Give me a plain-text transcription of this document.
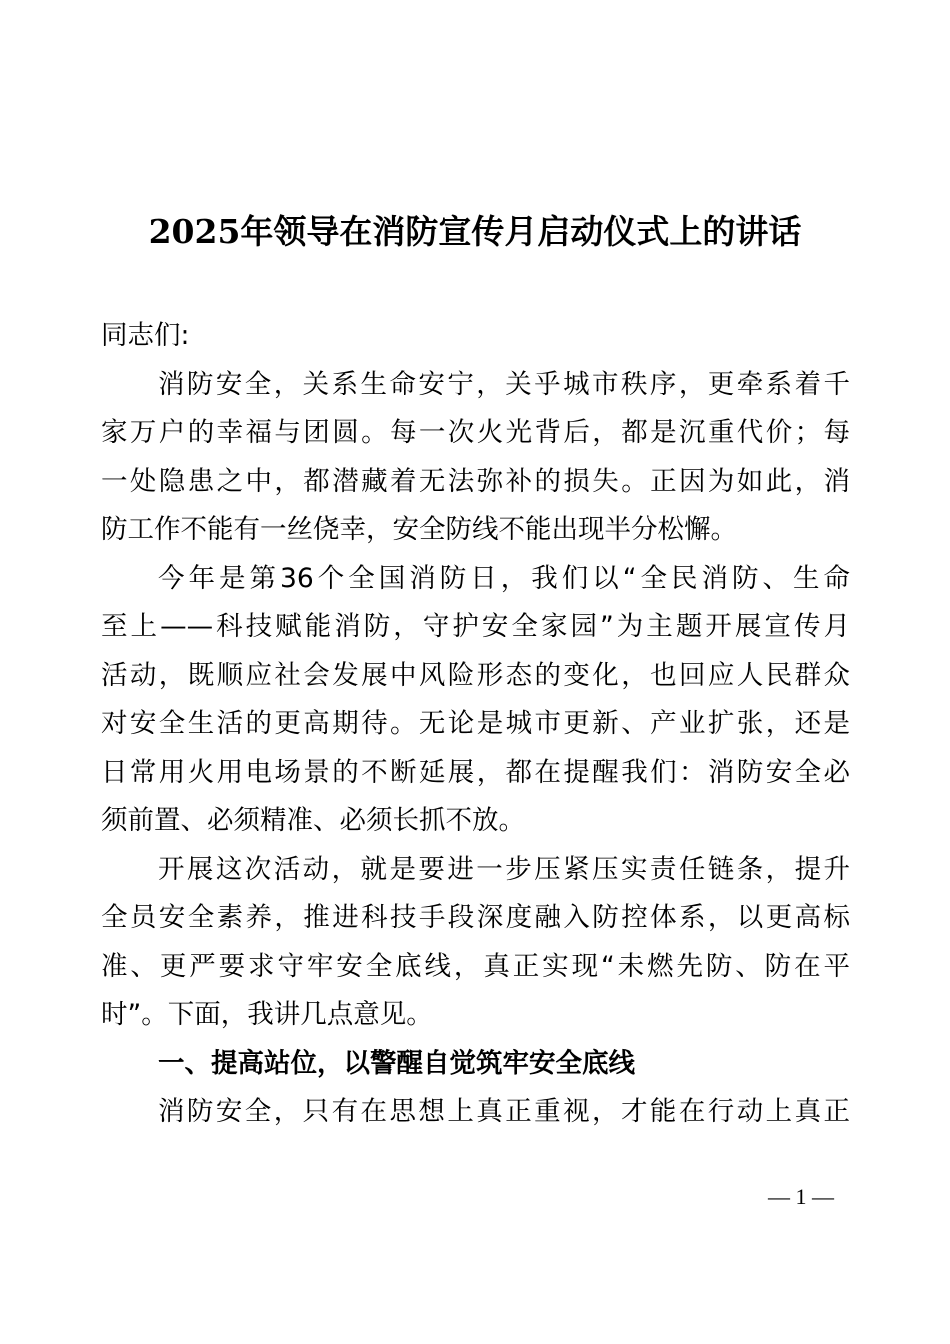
2025年领导在消防宣传月启动仪式上的讲话
同志们:
消防安全，关系生命安宁，关乎城市秩序，更牵系着千
家万户的幸福与团圆。每一次火光背后，都是沉重代价；每
一处隐患之中，都潜藏着无法弥补的损失。正因为如此，消
防工作不能有一丝侥幸，安全防线不能出现半分松懈。
今年是第36个全国消防日，我们以“全民消防、生命
至上——科技赋能消防，守护安全家园”为主题开展宣传月
活动，既顺应社会发展中风险形态的变化，也回应人民群众
对安全生活的更高期待。无论是城市更新、产业扩张，还是
日常用火用电场景的不断延展，都在提醒我们：消防安全必
须前置、必须精准、必须长抓不放。
开展这次活动，就是要进一步压紧压实责任链条，提升
全员安全素养，推进科技手段深度融入防控体系，以更高标
准、更严要求守牢安全底线，真正实现“未燃先防、防在平
时”。下面，我讲几点意见。
一、提高站位，以警醒自觉筑牢安全底线
消防安全，只有在思想上真正重视，才能在行动上真正
— 1 —
